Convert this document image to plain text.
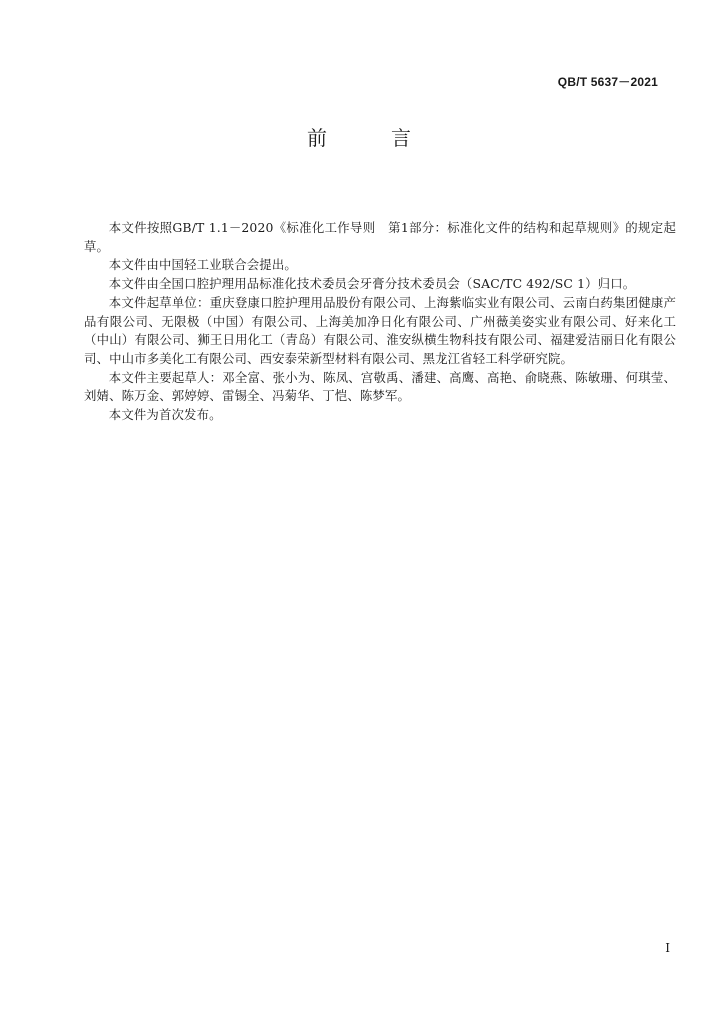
QB/T 5637－2021
前　言

本文件按照GB/T 1.1－2020《标准化工作导则　第1部分：标准化文件的结构和起草规则》的规定起草。

本文件由中国轻工业联合会提出。

本文件由全国口腔护理用品标准化技术委员会牙膏分技术委员会（SAC/TC 492/SC 1）归口。

本文件起草单位：重庆登康口腔护理用品股份有限公司、上海紫临实业有限公司、云南白药集团健康产品有限公司、无限极（中国）有限公司、上海美加净日化有限公司、广州薇美姿实业有限公司、好来化工（中山）有限公司、狮王日用化工（青岛）有限公司、淮安纵横生物科技有限公司、福建爱洁丽日化有限公司、中山市多美化工有限公司、西安泰荣新型材料有限公司、黑龙江省轻工科学研究院。

本文件主要起草人：邓全富、张小为、陈凤、宫敬禹、潘建、高鹰、高艳、俞晓燕、陈敏珊、何琪莹、刘婧、陈万金、郭婷婷、雷锡全、冯菊华、丁恺、陈梦军。

本文件为首次发布。

I
